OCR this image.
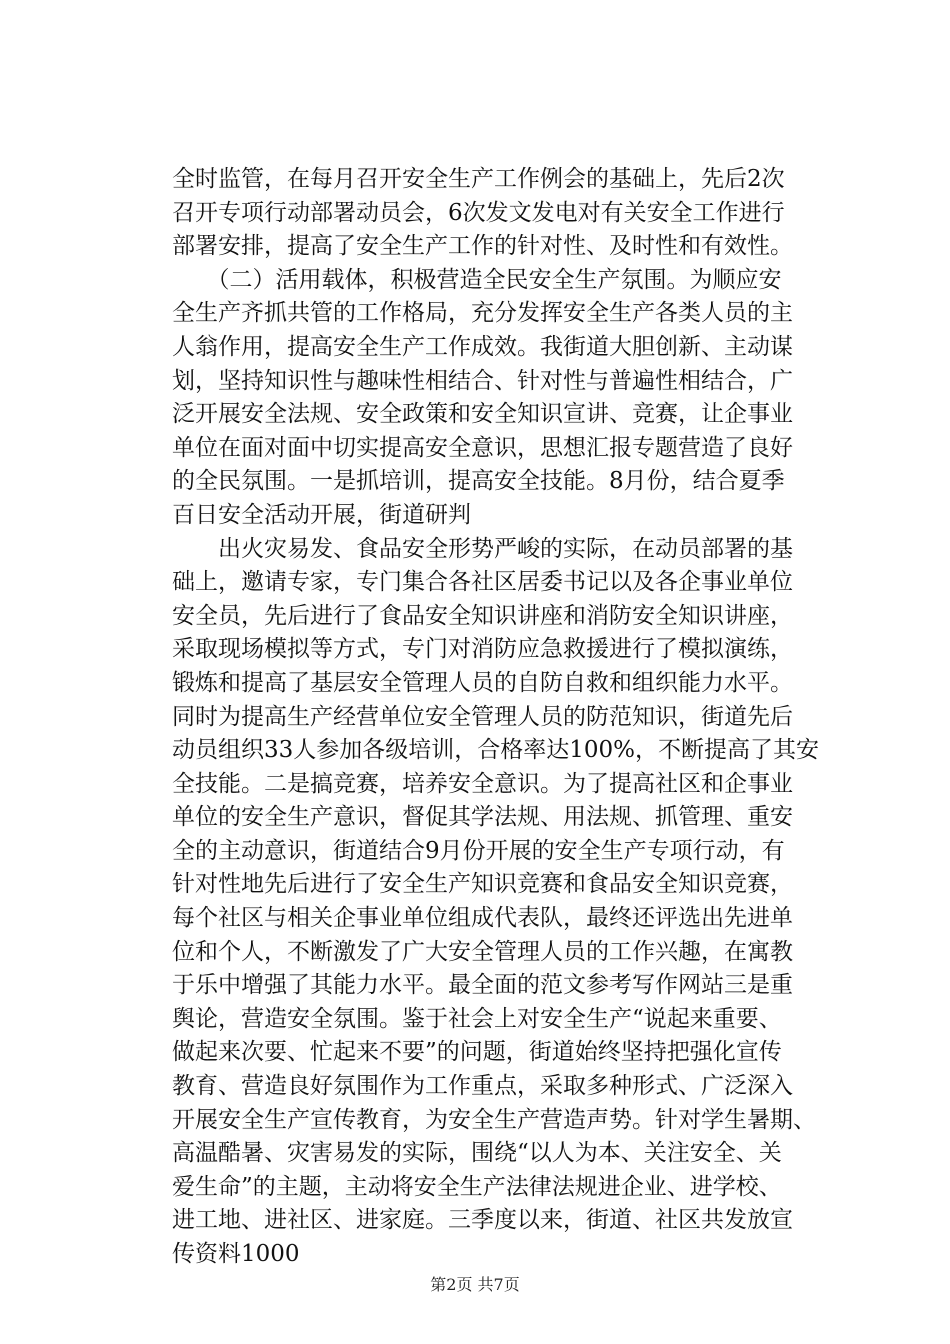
全时监管，在每月召开安全生产工作例会的基础上，先后2次
召开专项行动部署动员会，6次发文发电对有关安全工作进行
部署安排，提高了安全生产工作的针对性、及时性和有效性。
　　（二）活用载体，积极营造全民安全生产氛围。为顺应安
全生产齐抓共管的工作格局，充分发挥安全生产各类人员的主
人翁作用，提高安全生产工作成效。我街道大胆创新、主动谋
划，坚持知识性与趣味性相结合、针对性与普遍性相结合，广
泛开展安全法规、安全政策和安全知识宣讲、竞赛，让企事业
单位在面对面中切实提高安全意识，思想汇报专题营造了良好
的全民氛围。一是抓培训，提高安全技能。8月份，结合夏季
百日安全活动开展，街道研判
　　出火灾易发、食品安全形势严峻的实际，在动员部署的基
础上，邀请专家，专门集合各社区居委书记以及各企事业单位
安全员，先后进行了食品安全知识讲座和消防安全知识讲座，
采取现场模拟等方式，专门对消防应急救援进行了模拟演练，
锻炼和提高了基层安全管理人员的自防自救和组织能力水平。
同时为提高生产经营单位安全管理人员的防范知识，街道先后
动员组织33人参加各级培训，合格率达100%，不断提高了其安
全技能。二是搞竞赛，培养安全意识。为了提高社区和企事业
单位的安全生产意识，督促其学法规、用法规、抓管理、重安
全的主动意识，街道结合9月份开展的安全生产专项行动，有
针对性地先后进行了安全生产知识竞赛和食品安全知识竞赛，
每个社区与相关企事业单位组成代表队，最终还评选出先进单
位和个人，不断激发了广大安全管理人员的工作兴趣，在寓教
于乐中增强了其能力水平。最全面的范文参考写作网站三是重
舆论，营造安全氛围。鉴于社会上对安全生产“说起来重要、
做起来次要、忙起来不要”的问题，街道始终坚持把强化宣传
教育、营造良好氛围作为工作重点，采取多种形式、广泛深入
开展安全生产宣传教育，为安全生产营造声势。针对学生暑期、
高温酷暑、灾害易发的实际，围绕“以人为本、关注安全、关
爱生命”的主题，主动将安全生产法律法规进企业、进学校、
进工地、进社区、进家庭。三季度以来，街道、社区共发放宣
传资料1000
第2页 共7页
